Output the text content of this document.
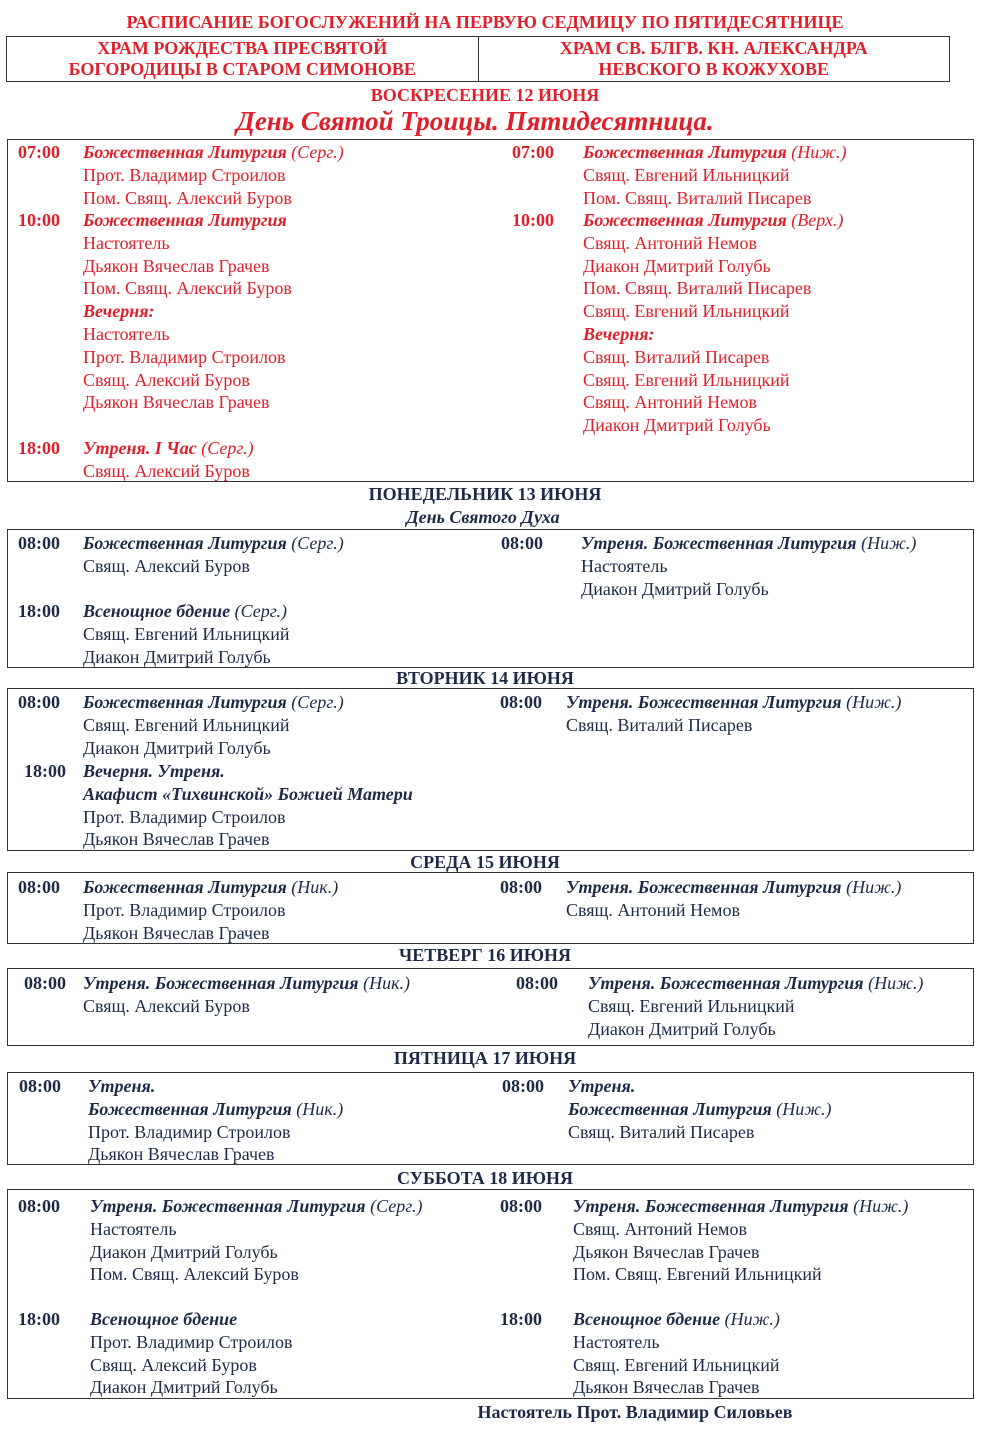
РАСПИСАНИЕ БОГОСЛУЖЕНИЙ НА ПЕРВУЮ СЕДМИЦУ ПО ПЯТИДЕСЯТНИЦЕ
ХРАМ РОЖДЕСТВА ПРЕСВЯТОЙ
БОГОРОДИЦЫ В СТАРОМ СИМОНОВЕ
ХРАМ СВ. БЛГВ. КН. АЛЕКСАНДРА
НЕВСКОГО В КОЖУХОВЕ
ВОСКРЕСЕНИЕ 12 ИЮНЯ
День Святой Троицы. Пятидесятница.
07:00 Божественная Литургия (Серг.)
Прот. Владимир Строилов
Пом. Свящ. Алексий Буров
10:00 Божественная Литургия
Настоятель
Дьякон Вячеслав Грачев
Пом. Свящ. Алексий Буров
Вечерня:
Настоятель
Прот. Владимир Строилов
Свящ. Алексий Буров
Дьякон Вячеслав Грачев
18:00 Утреня. I Час (Серг.)
Свящ. Алексий Буров
07:00 Божественная Литургия (Ниж.)
Свящ. Евгений Ильницкий
Пом. Свящ. Виталий Писарев
10:00 Божественная Литургия (Верх.)
Свящ. Антоний Немов
Диакон Дмитрий Голубь
Пом. Свящ. Виталий Писарев
Свящ. Евгений Ильницкий
Вечерня:
Свящ. Виталий Писарев
Свящ. Евгений Ильницкий
Свящ. Антоний Немов
Диакон Дмитрий Голубь
ПОНЕДЕЛЬНИК 13 ИЮНЯ
День Святого Духа
08:00 Божественная Литургия (Серг.)
Свящ. Алексий Буров
18:00 Всенощное бдение (Серг.)
Свящ. Евгений Ильницкий
Диакон Дмитрий Голубь
08:00 Утреня. Божественная Литургия (Ниж.)
Настоятель
Диакон Дмитрий Голубь
ВТОРНИК 14 ИЮНЯ
08:00 Божественная Литургия (Серг.)
Свящ. Евгений Ильницкий
Диакон Дмитрий Голубь
18:00 Вечерня. Утреня.
Акафист «Тихвинской» Божией Матери
Прот. Владимир Строилов
Дьякон Вячеслав Грачев
08:00 Утреня. Божественная Литургия (Ниж.)
Свящ. Виталий Писарев
СРЕДА 15 ИЮНЯ
08:00 Божественная Литургия (Ник.)
Прот. Владимир Строилов
Дьякон Вячеслав Грачев
08:00 Утреня. Божественная Литургия (Ниж.)
Свящ. Антоний Немов
ЧЕТВЕРГ 16 ИЮНЯ
08:00 Утреня. Божественная Литургия (Ник.)
Свящ. Алексий Буров
08:00 Утреня. Божественная Литургия (Ниж.)
Свящ. Евгений Ильницкий
Диакон Дмитрий Голубь
ПЯТНИЦА 17 ИЮНЯ
08:00 Утреня.
Божественная Литургия (Ник.)
Прот. Владимир Строилов
Дьякон Вячеслав Грачев
08:00 Утреня.
Божественная Литургия (Ниж.)
Свящ. Виталий Писарев
СУББОТА 18 ИЮНЯ
08:00 Утреня. Божественная Литургия (Серг.)
Настоятель
Диакон Дмитрий Голубь
Пом. Свящ. Алексий Буров
18:00 Всенощное бдение
Прот. Владимир Строилов
Свящ. Алексий Буров
Диакон Дмитрий Голубь
08:00 Утреня. Божественная Литургия (Ниж.)
Свящ. Антоний Немов
Дьякон Вячеслав Грачев
Пом. Свящ. Евгений Ильницкий
18:00 Всенощное бдение (Ниж.)
Настоятель
Свящ. Евгений Ильницкий
Дьякон Вячеслав Грачев
Настоятель Прот. Владимир Силовьев
